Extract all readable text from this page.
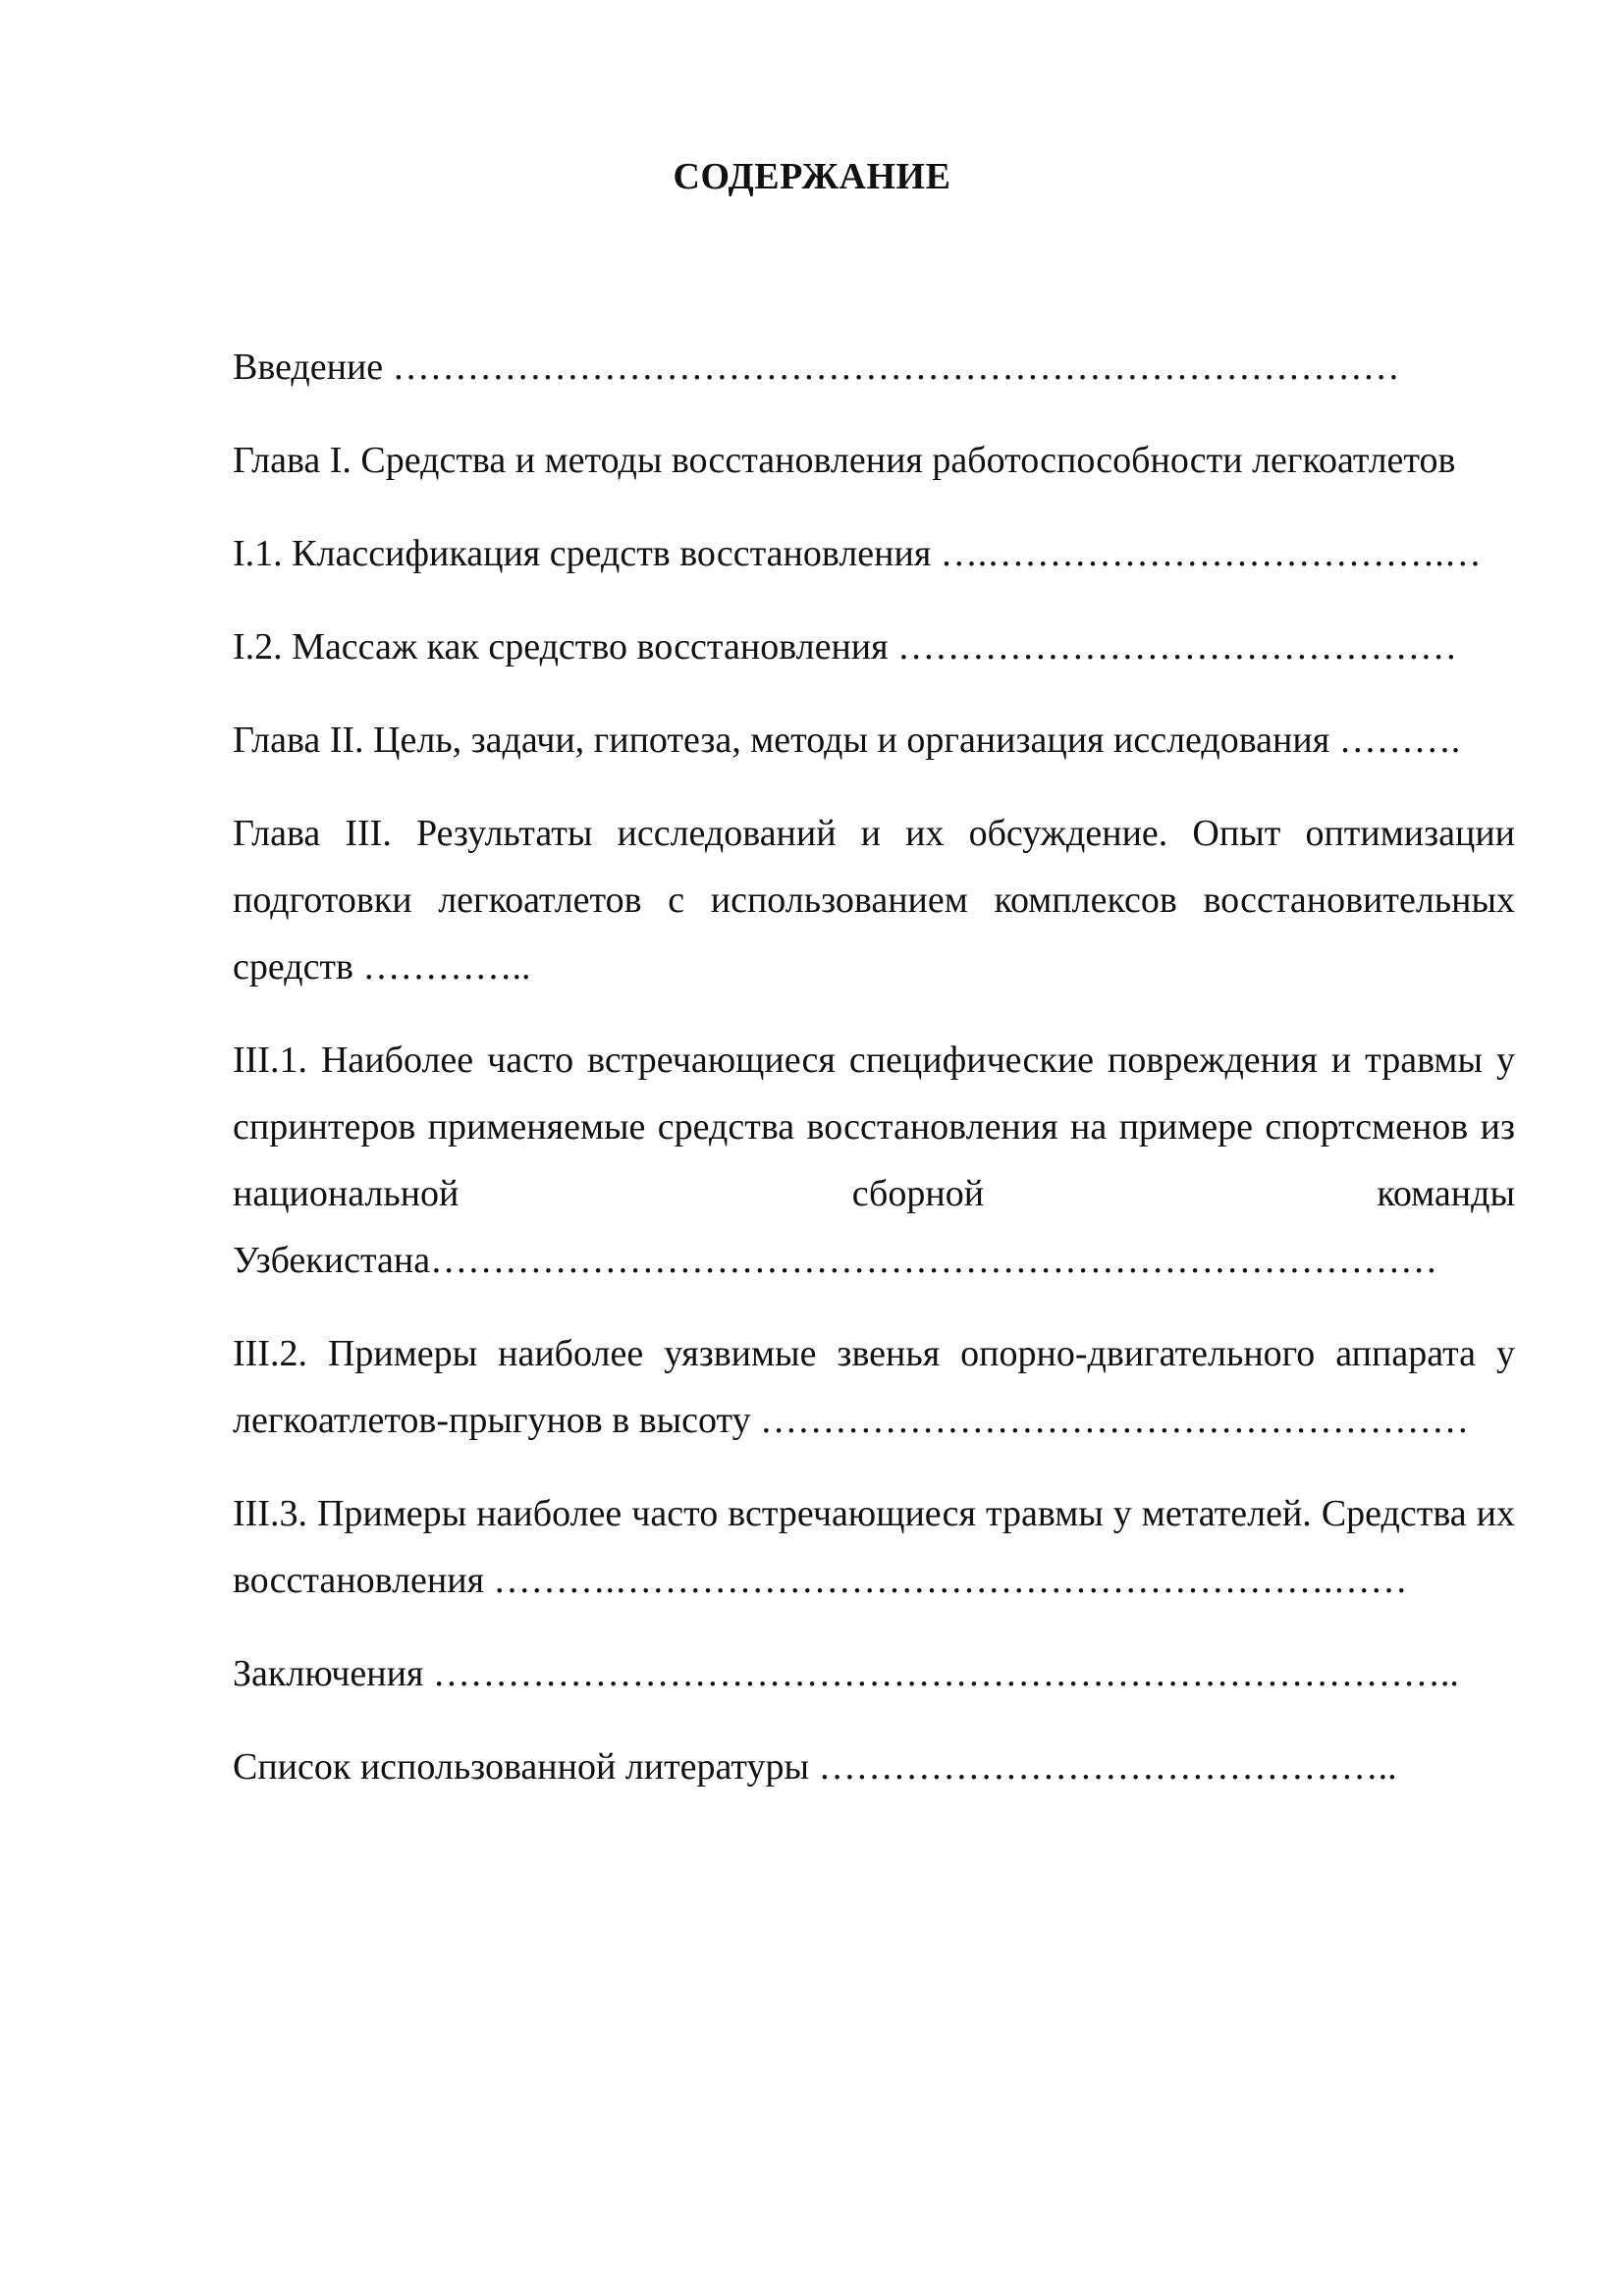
СОДЕРЖАНИЕ
Введение ………………………………………………………………………
Глава I. Средства и методы восстановления работоспособности легкоатлетов
I.1. Классификация средств восстановления ….……………………………….…
I.2. Массаж как средство восстановления ………………………………………
Глава II. Цель, задачи, гипотеза, методы и организация исследования ……….
Глава III. Результаты исследований и их обсуждение. Опыт оптимизации подготовки легкоатлетов с использованием комплексов восстановительных средств …………..
III.1. Наиболее часто встречающиеся специфические повреждения и травмы у спринтеров применяемые средства восстановления на примере спортсменов из национальной сборной команды Узбекистана………………………………………………………………………
III.2. Примеры наиболее уязвимые звенья опорно-двигательного аппарата у легкоатлетов-прыгунов в высоту …………………………………………………
III.3. Примеры наиболее часто встречающиеся травмы у метателей. Средства их восстановления ……….………………………………………………….……
Заключения ………………………………………………………………………..
Список использованной литературы ………………………………………..
